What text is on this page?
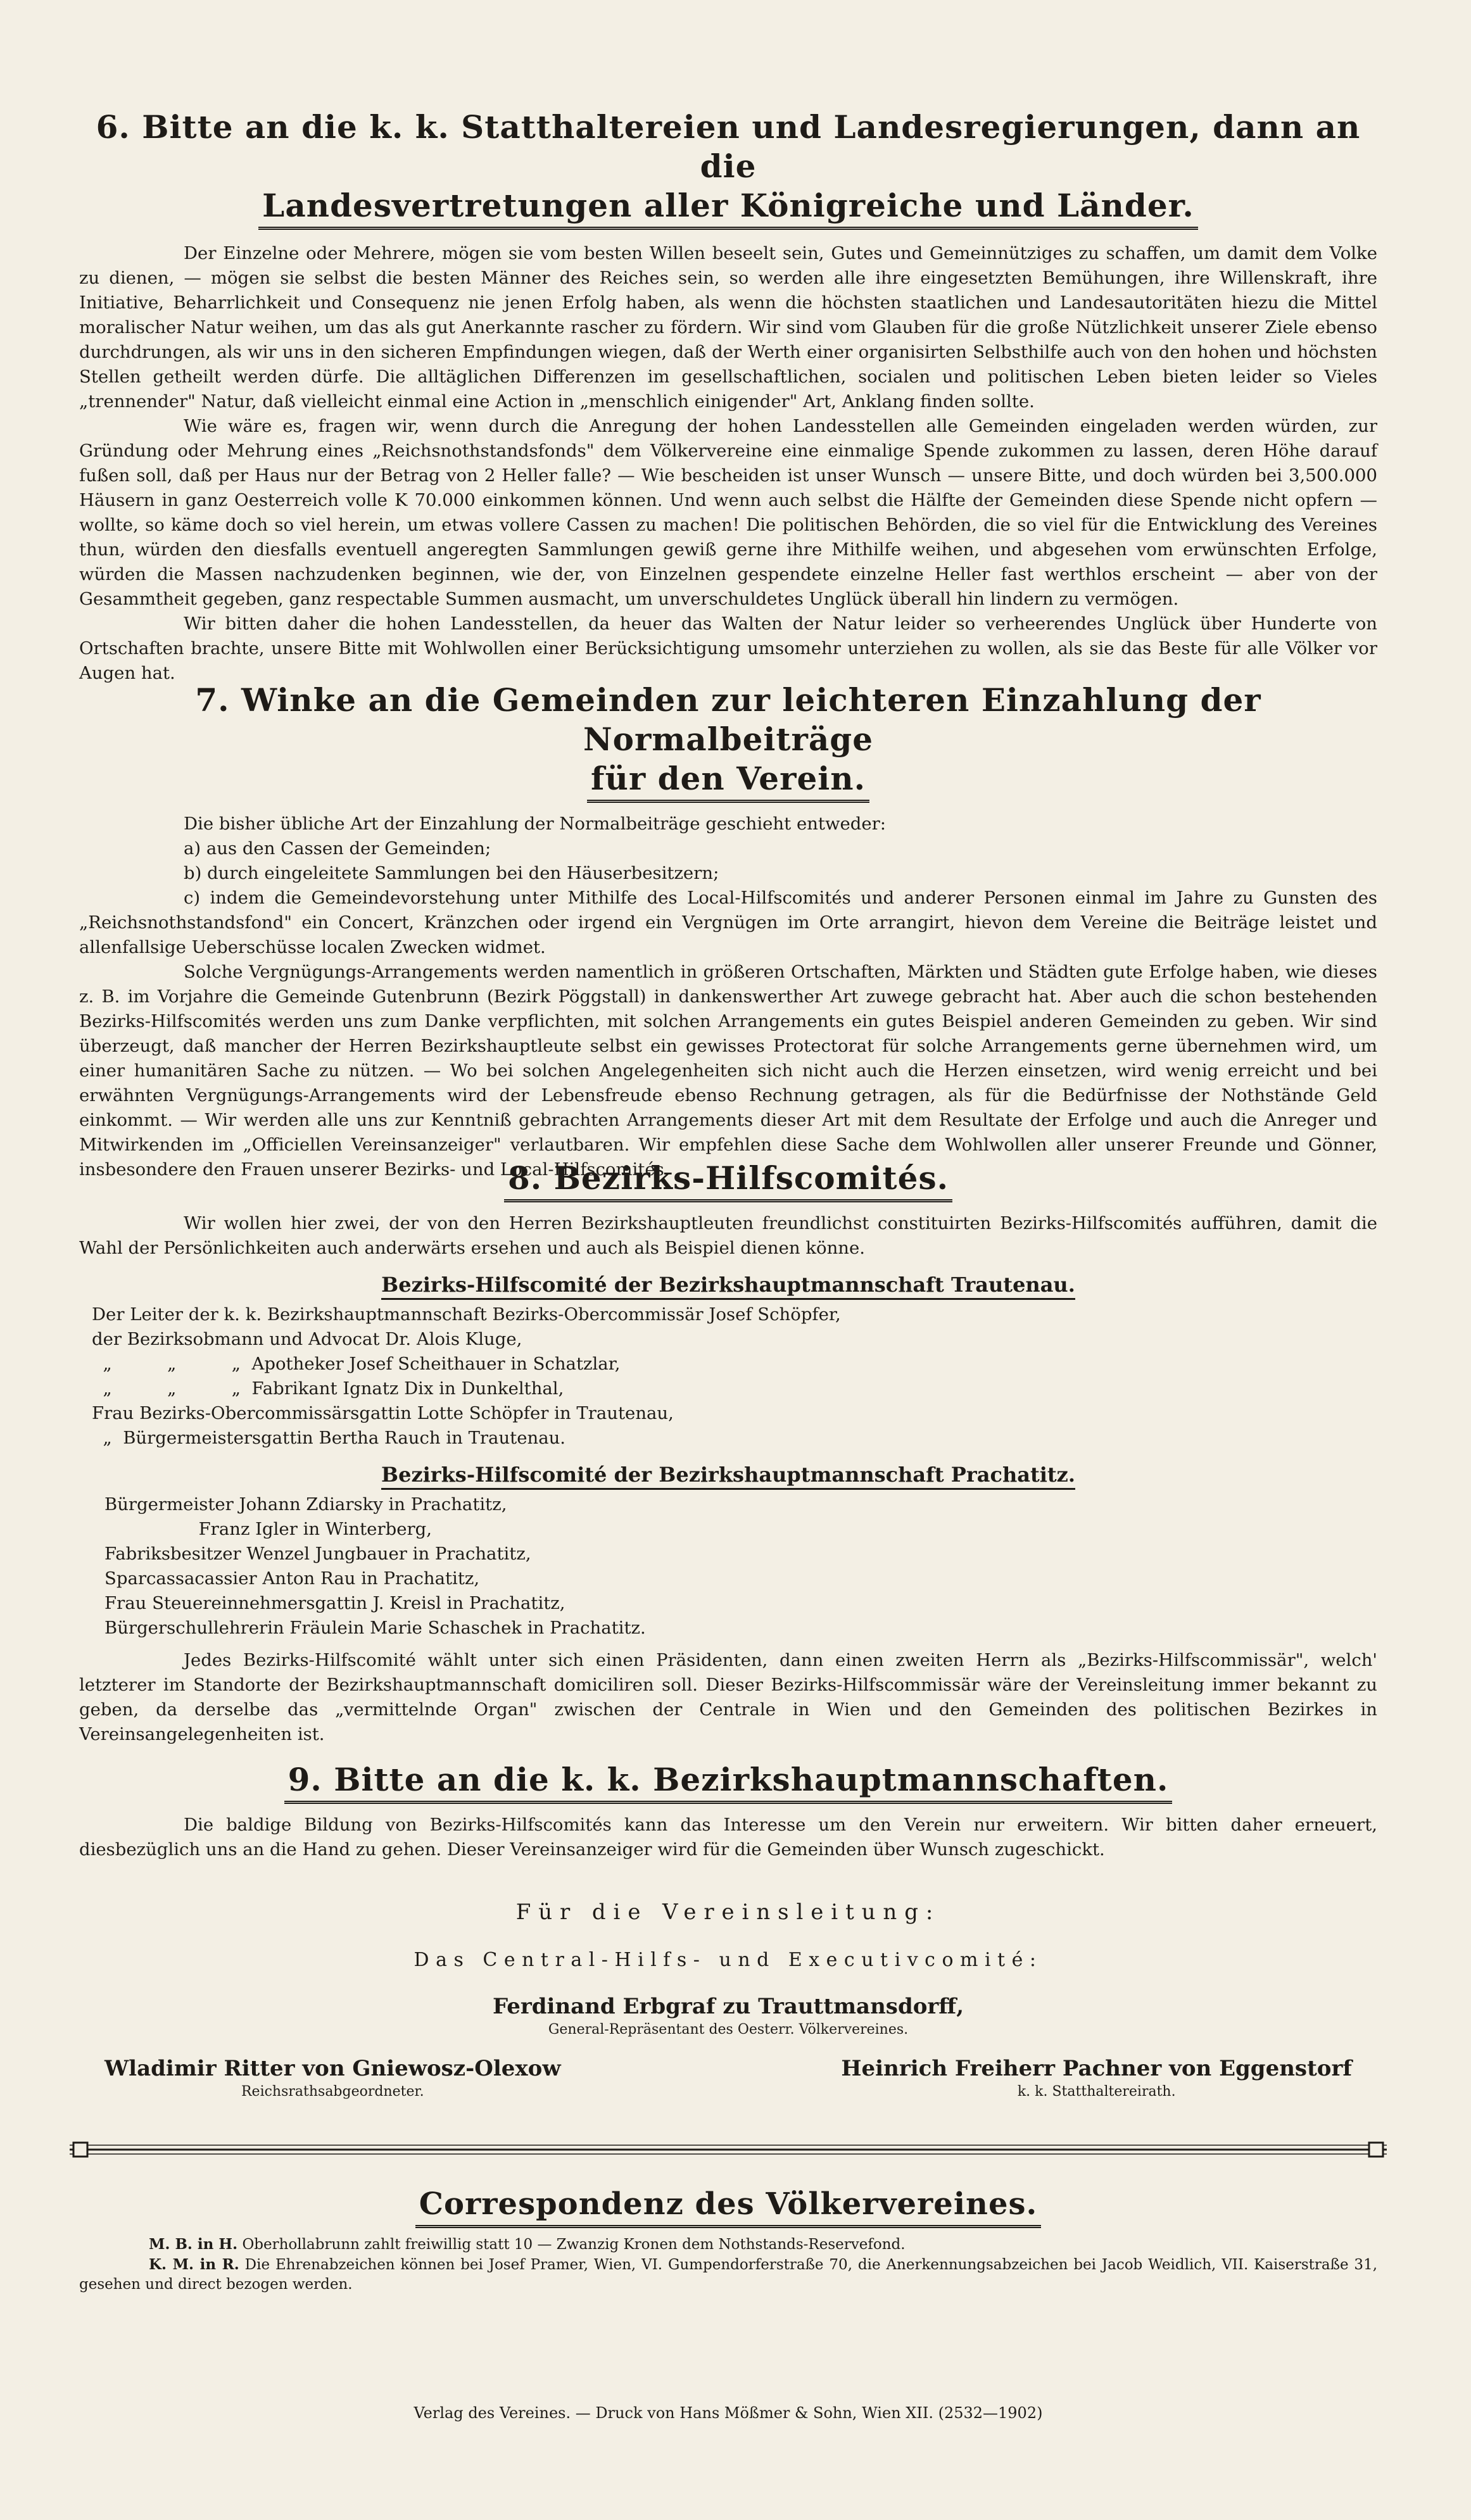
6. Bitte an die k. k. Statthaltereien und Landesregierungen, dann an die
Landesvertretungen aller Königreiche und Länder.

Der Einzelne oder Mehrere, mögen sie vom besten Willen beseelt sein, Gutes und Gemeinnütziges zu schaffen, um damit dem Volke zu dienen, — mögen sie selbst die besten Männer des Reiches sein, so werden alle ihre eingesetzten Bemühungen, ihre Willenskraft, ihre Initiative, Beharrlichkeit und Consequenz nie jenen Erfolg haben, als wenn die höchsten staatlichen und Landesautoritäten hiezu die Mittel moralischer Natur weihen, um das als gut Anerkannte rascher zu fördern. Wir sind vom Glauben für die große Nützlichkeit unserer Ziele ebenso durchdrungen, als wir uns in den sicheren Empfindungen wiegen, daß der Werth einer organisirten Selbsthilfe auch von den hohen und höchsten Stellen getheilt werden dürfe. Die alltäglichen Differenzen im gesellschaftlichen, socialen und politischen Leben bieten leider so Vieles „trennender" Natur, daß vielleicht einmal eine Action in „menschlich einigender" Art, Anklang finden sollte.

Wie wäre es, fragen wir, wenn durch die Anregung der hohen Landesstellen alle Gemeinden eingeladen werden würden, zur Gründung oder Mehrung eines „Reichsnothstandsfonds" dem Völkervereine eine einmalige Spende zukommen zu lassen, deren Höhe darauf fußen soll, daß per Haus nur der Betrag von 2 Heller falle? — Wie bescheiden ist unser Wunsch — unsere Bitte, und doch würden bei 3,500.000 Häusern in ganz Oesterreich volle K 70.000 einkommen können. Und wenn auch selbst die Hälfte der Gemeinden diese Spende nicht opfern — wollte, so käme doch so viel herein, um etwas vollere Cassen zu machen! Die politischen Behörden, die so viel für die Entwicklung des Vereines thun, würden den diesfalls eventuell angeregten Sammlungen gewiß gerne ihre Mithilfe weihen, und abgesehen vom erwünschten Erfolge, würden die Massen nachzudenken beginnen, wie der, von Einzelnen gespendete einzelne Heller fast werthlos erscheint — aber von der Gesammtheit gegeben, ganz respectable Summen ausmacht, um unverschuldetes Unglück überall hin lindern zu vermögen.

Wir bitten daher die hohen Landesstellen, da heuer das Walten der Natur leider so verheerendes Unglück über Hunderte von Ortschaften brachte, unsere Bitte mit Wohlwollen einer Berücksichtigung umsomehr unterziehen zu wollen, als sie das Beste für alle Völker vor Augen hat.

7. Winke an die Gemeinden zur leichteren Einzahlung der Normalbeiträge
für den Verein.

Die bisher übliche Art der Einzahlung der Normalbeiträge geschieht entweder:

a) aus den Cassen der Gemeinden;

b) durch eingeleitete Sammlungen bei den Häuserbesitzern;

c) indem die Gemeindevorstehung unter Mithilfe des Local-Hilfscomités und anderer Personen einmal im Jahre zu Gunsten des „Reichsnothstandsfond" ein Concert, Kränzchen oder irgend ein Vergnügen im Orte arrangirt, hievon dem Vereine die Beiträge leistet und allenfallsige Ueberschüsse localen Zwecken widmet.

Solche Vergnügungs-Arrangements werden namentlich in größeren Ortschaften, Märkten und Städten gute Erfolge haben, wie dieses z. B. im Vorjahre die Gemeinde Gutenbrunn (Bezirk Pöggstall) in dankenswerther Art zuwege gebracht hat. Aber auch die schon bestehenden Bezirks-Hilfscomités werden uns zum Danke verpflichten, mit solchen Arrangements ein gutes Beispiel anderen Gemeinden zu geben. Wir sind überzeugt, daß mancher der Herren Bezirkshauptleute selbst ein gewisses Protectorat für solche Arrangements gerne übernehmen wird, um einer humanitären Sache zu nützen. — Wo bei solchen Angelegenheiten sich nicht auch die Herzen einsetzen, wird wenig erreicht und bei erwähnten Vergnügungs-Arrangements wird der Lebensfreude ebenso Rechnung getragen, als für die Bedürfnisse der Nothstände Geld einkommt. — Wir werden alle uns zur Kenntniß gebrachten Arrangements dieser Art mit dem Resultate der Erfolge und auch die Anreger und Mitwirkenden im „Officiellen Vereinsanzeiger" verlautbaren. Wir empfehlen diese Sache dem Wohlwollen aller unserer Freunde und Gönner, insbesondere den Frauen unserer Bezirks- und Local-Hilfscomités.

8. Bezirks-Hilfscomités.

Wir wollen hier zwei, der von den Herren Bezirkshauptleuten freundlichst constituirten Bezirks-Hilfscomités aufführen, damit die Wahl der Persönlichkeiten auch anderwärts ersehen und auch als Beispiel dienen könne.

Bezirks-Hilfscomité der Bezirkshauptmannschaft Trautenau.

Der Leiter der k. k. Bezirkshauptmannschaft Bezirks-Obercommissär Josef Schöpfer,

der Bezirksobmann und Advocat Dr. Alois Kluge,

„          „          „  Apotheker Josef Scheithauer in Schatzlar,

„          „          „  Fabrikant Ignatz Dix in Dunkelthal,

Frau Bezirks-Obercommissärsgattin Lotte Schöpfer in Trautenau,

„  Bürgermeistersgattin Bertha Rauch in Trautenau.

Bezirks-Hilfscomité der Bezirkshauptmannschaft Prachatitz.

Bürgermeister Johann Zdiarsky in Prachatitz,

Franz Igler in Winterberg,

Fabriksbesitzer Wenzel Jungbauer in Prachatitz,

Sparcassacassier Anton Rau in Prachatitz,

Frau Steuereinnehmersgattin J. Kreisl in Prachatitz,

Bürgerschullehrerin Fräulein Marie Schaschek in Prachatitz.

Jedes Bezirks-Hilfscomité wählt unter sich einen Präsidenten, dann einen zweiten Herrn als „Bezirks-Hilfscommissär", welch' letzterer im Standorte der Bezirkshauptmannschaft domiciliren soll. Dieser Bezirks-Hilfscommissär wäre der Vereinsleitung immer bekannt zu geben, da derselbe das „vermittelnde Organ" zwischen der Centrale in Wien und den Gemeinden des politischen Bezirkes in Vereinsangelegenheiten ist.

9. Bitte an die k. k. Bezirkshauptmannschaften.

Die baldige Bildung von Bezirks-Hilfscomités kann das Interesse um den Verein nur erweitern. Wir bitten daher erneuert, diesbezüglich uns an die Hand zu gehen. Dieser Vereinsanzeiger wird für die Gemeinden über Wunsch zugeschickt.

Für die Vereinsleitung:

Das Central-Hilfs- und Executivcomité:

Ferdinand Erbgraf zu Trauttmansdorff,

General-Repräsentant des Oesterr. Völkervereines.

Wladimir Ritter von Gniewosz-Olexow

Reichsrathsabgeordneter.

Heinrich Freiherr Pachner von Eggenstorf

k. k. Statthaltereirath.

Correspondenz des Völkervereines.

M. B. in H. Oberhollabrunn zahlt freiwillig statt 10 — Zwanzig Kronen dem Nothstands-Reservefond.

K. M. in R. Die Ehrenabzeichen können bei Josef Pramer, Wien, VI. Gumpendorferstraße 70, die Anerkennungsabzeichen bei Jacob Weidlich, VII. Kaiserstraße 31, gesehen und direct bezogen werden.

Verlag des Vereines. — Druck von Hans Mößmer & Sohn, Wien XII. (2532—1902)
